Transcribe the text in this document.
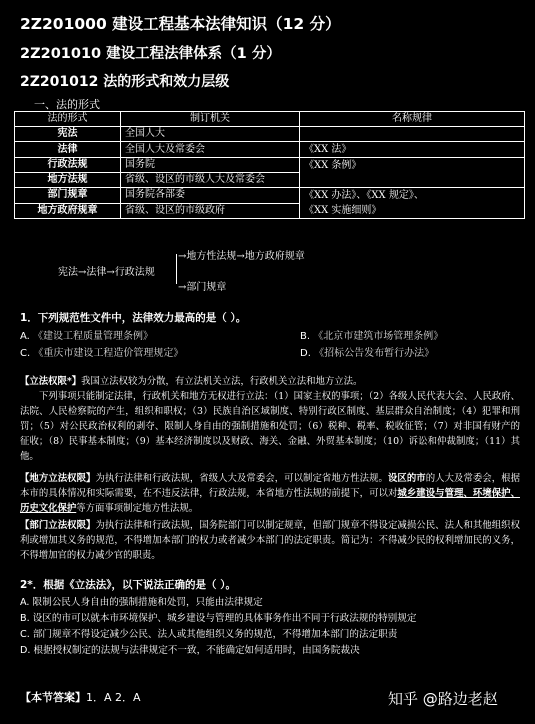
2Z201000 建设工程基本法律知识（12 分）
2Z201010 建设工程法律体系（1 分）
2Z201012 法的形式和效力层级
一、法的形式
法的形式	制订机关	名称规律
宪法	全国人大	
法律	全国人大及常委会	《XX 法》
行政法规	国务院	《XX 条例》
地方法规	省级、设区的市级人大及常委会	
部门规章	国务院各部委	《XX 办法》、《XX 规定》、
《XX 实施细则》

地方政府规章	省级、设区的市级政府	
宪法→法律→行政法规
→地方性法规→地方政府规章
→部门规章
1．下列规范性文件中，法律效力最高的是（ ）。
A. 《建设工程质量管理条例》	B. 《北京市建筑市场管理条例》
C. 《重庆市建设工程造价管理规定》	D. 《招标公告发布暂行办法》
【立法权限*】我国立法权较为分散，有立法机关立法，行政机关立法和地方立法。
下列事项只能制定法律，行政机关和地方无权进行立法：（1）国家主权的事项；（2）各级人民代表大会、人民政府、法院、人民检察院的产生，组织和职权；（3）民族自治区域制度、特别行政区制度、基层群众自治制度；（4）犯罪和刑罚；（5）对公民政治权利的剥夺、限制人身自由的强制措施和处罚；（6）税种、税率、税收征管；（7）对非国有财产的征收；（8）民事基本制度；（9）基本经济制度以及财政、海关、金融、外贸基本制度；（10）诉讼和仲裁制度；（11）其他。
【地方立法权限】为执行法律和行政法规，省级人大及常委会，可以制定省地方性法规。设区的市的人大及常委会，根据本市的具体情况和实际需要，在不违反法律，行政法规，本省地方性法规的前提下，可以对城乡建设与管理、环境保护、历史文化保护等方面事项制定地方性法规。
【部门立法权限】为执行法律和行政法规，国务院部门可以制定规章，但部门规章不得设定减损公民、法人和其他组织权利或增加其义务的规范，不得增加本部门的权力或者减少本部门的法定职责。简记为：不得减少民的权利增加民的义务，不得增加官的权力减少官的职责。
2*．根据《立法法》，以下说法正确的是（ ）。
A. 限制公民人身自由的强制措施和处罚，只能由法律规定
B. 设区的市可以就本市环境保护、城乡建设与管理的具体事务作出不同于行政法规的特别规定
C. 部门规章不得设定减少公民、法人或其他组织义务的规范，不得增加本部门的法定职责
D. 根据授权制定的法规与法律规定不一致，不能确定如何适用时，由国务院裁决
【本节答案】1．A 2．A	知乎 @路边老赵
